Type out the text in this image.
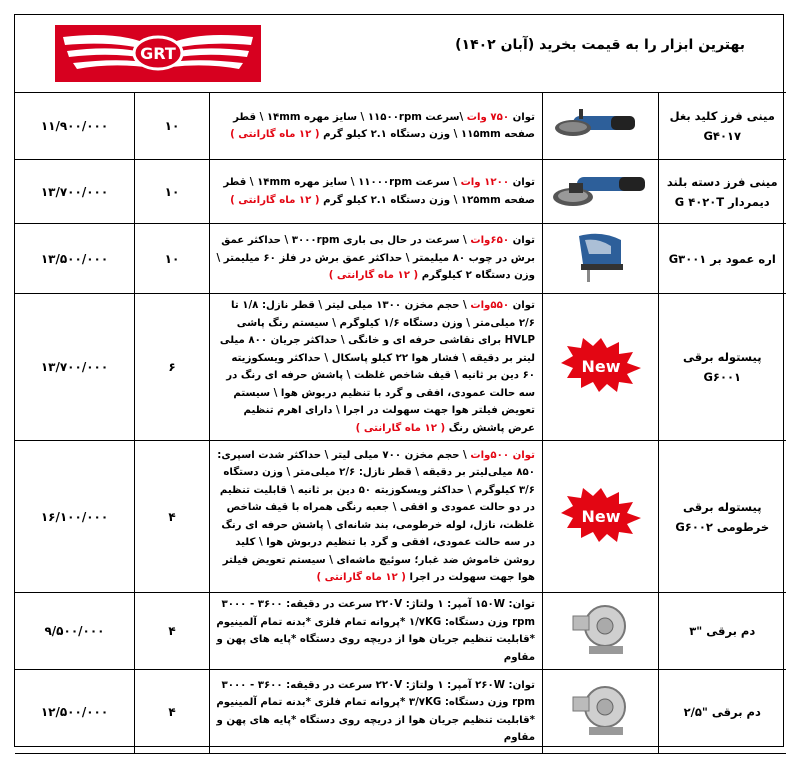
GRT	بهترین ابزار را به قیمت بخرید (آبان ۱۴۰۲)
مینی فرز کلید بغل G۴۰۱۷		توان ۷۵۰ وات \سرعت ۱۱۵۰۰rpm \ سایز مهره ۱۴mm \ قطر صفحه ۱۱۵mm \ وزن دستگاه ۲.۱ کیلو گرم ( ۱۲ ماه گارانتی )	۱۰	۱۱/۹۰۰/۰۰۰
مینی فرز دسته بلند دیمردار G ۴۰۲۰T		توان ۱۲۰۰ وات \ سرعت ۱۱۰۰۰rpm \ سایز مهره ۱۴mm \ قطر صفحه ۱۲۵mm \ وزن دستگاه ۲.۱ کیلو گرم ( ۱۲ ماه گارانتی )	۱۰	۱۳/۷۰۰/۰۰۰
اره عمود بر G۳۰۰۱		توان ۶۵۰وات \ سرعت در حال بی باری ۳۰۰۰rpm \ حداکثر عمق برش در چوب ۸۰ میلیمتر \ حداکثر عمق برش در فلز ۶۰ میلیمتر \ وزن دستگاه ۲ کیلوگرم ( ۱۲ ماه گارانتی )	۱۰	۱۳/۵۰۰/۰۰۰
پیستوله برقی G۶۰۰۱	New	توان ۵۵۰وات \ حجم مخزن ۱۳۰۰ میلی لیتر \ قطر نازل: ۱/۸ تا ۲/۶ میلی‌متر \ وزن دستگاه ۱/۶ کیلوگرم \ سیستم رنگ پاشی HVLP برای نقاشی حرفه ای و خانگی \ حداکثر جریان ۸۰۰ میلی لیتر بر دقیقه \ فشار هوا ۲۲ کیلو پاسکال \ حداکثر ویسکوزیته ۶۰ دین بر ثانیه \ قیف شاخص غلظت \ پاشش حرفه ای رنگ در سه حالت عمودی، افقی و گرد با تنظیم دربوش هوا \ سیستم تعویض فیلتر هوا جهت سهولت در اجرا \ دارای اهرم تنظیم عرض پاشش رنگ ( ۱۲ ماه گارانتی )	۶	۱۳/۷۰۰/۰۰۰
پیستوله برقی خرطومی G۶۰۰۲	New	توان ۵۰۰وات \ حجم مخزن ۷۰۰ میلی لیتر \ حداکثر شدت اسپری: ۸۵۰ میلی‌لیتر بر دقیقه \ قطر نازل: ۲/۶ میلی‌متر \ وزن دستگاه ۳/۶ کیلوگرم \ حداکثر ویسکوزیته ۵۰ دین بر ثانیه \ قابلیت تنظیم در دو حالت عمودی و افقی \ جعبه رنگی همراه با قیف شاخص غلظت، نازل، لوله خرطومی، بند شانه‌ای \ پاشش حرفه ای رنگ در سه حالت عمودی، افقی و گرد با تنظیم دربوش هوا \ کلید روشن خاموش ضد غبار؛ سوئیچ ماشه‌ای \ سیستم تعویض فیلتر هوا جهت سهولت در اجرا ( ۱۲ ماه گارانتی )	۴	۱۶/۱۰۰/۰۰۰
دم برقی "۳		توان: ۱۵۰W آمپر: ۱ ولتاژ: ۲۲۰V سرعت در دقیقه: ۳۶۰۰ - ۳۰۰۰ rpm وزن دستگاه: ۱/۷KG *پروانه تمام فلزی *بدنه تمام آلمینیوم *قابلیت تنظیم جریان هوا از دریچه روی دستگاه *پایه های پهن و مقاوم	۴	۹/۵۰۰/۰۰۰
دم برقی "۲/۵		توان: ۲۶۰W آمپر: ۱ ولتاژ: ۲۲۰V سرعت در دقیقه: ۳۶۰۰ - ۳۰۰۰ rpm وزن دستگاه: ۳/۷KG *پروانه تمام فلزی *بدنه تمام آلمینیوم *قابلیت تنظیم جریان هوا از دریچه روی دستگاه *پایه های پهن و مقاوم	۴	۱۲/۵۰۰/۰۰۰
